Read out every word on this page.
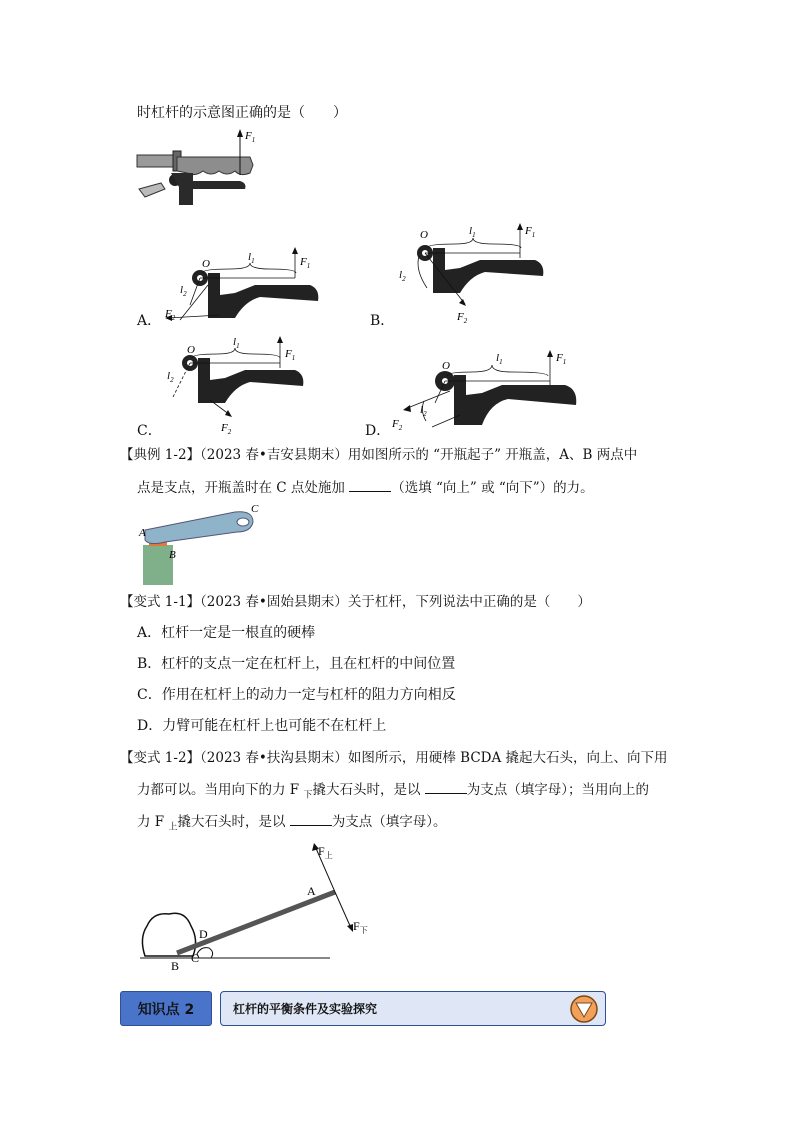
时杠杆的示意图正确的是（　　）
$F_1$
O
$l_1$	$F_1$
$l_2$
$F_2$
A．
O	$l_1$	$F_1$
$l_2$
$F_2$
B．
O
$l_1$
$F_1$
$l_2$
$F_2$
C．
O
$l_1$	$F_1$
$l_2$
$F_2$
D．
【典例 1-2】（2023 春•吉安县期末）用如图所示的 “开瓶起子” 开瓶盖，A、B 两点中
点是支点，开瓶盖时在 C 点处施加	（选填 “向上” 或 “向下”）的力。
A
B
C
【变式 1-1】（2023 春•固始县期末）关于杠杆，下列说法中正确的是（　　）
A．杠杆一定是一根直的硬棒
B．杠杆的支点一定在杠杆上，且在杠杆的中间位置
C．作用在杠杆上的动力一定与杠杆的阻力方向相反
D．力臂可能在杠杆上也可能不在杠杆上
【变式 1-2】（2023 春•扶沟县期末）如图所示，用硬棒 BCDA 撬起大石头，向上、向下用
力都可以。当用向下的力 F $_下$撬大石头时，是以	为支点（填字母）；当用向上的
力 F $_上$撬大石头时，是以	为支点（填字母）。
$F_上$
$F_下$
A
B
C
D
知识点 2	杠杆的平衡条件及实验探究
